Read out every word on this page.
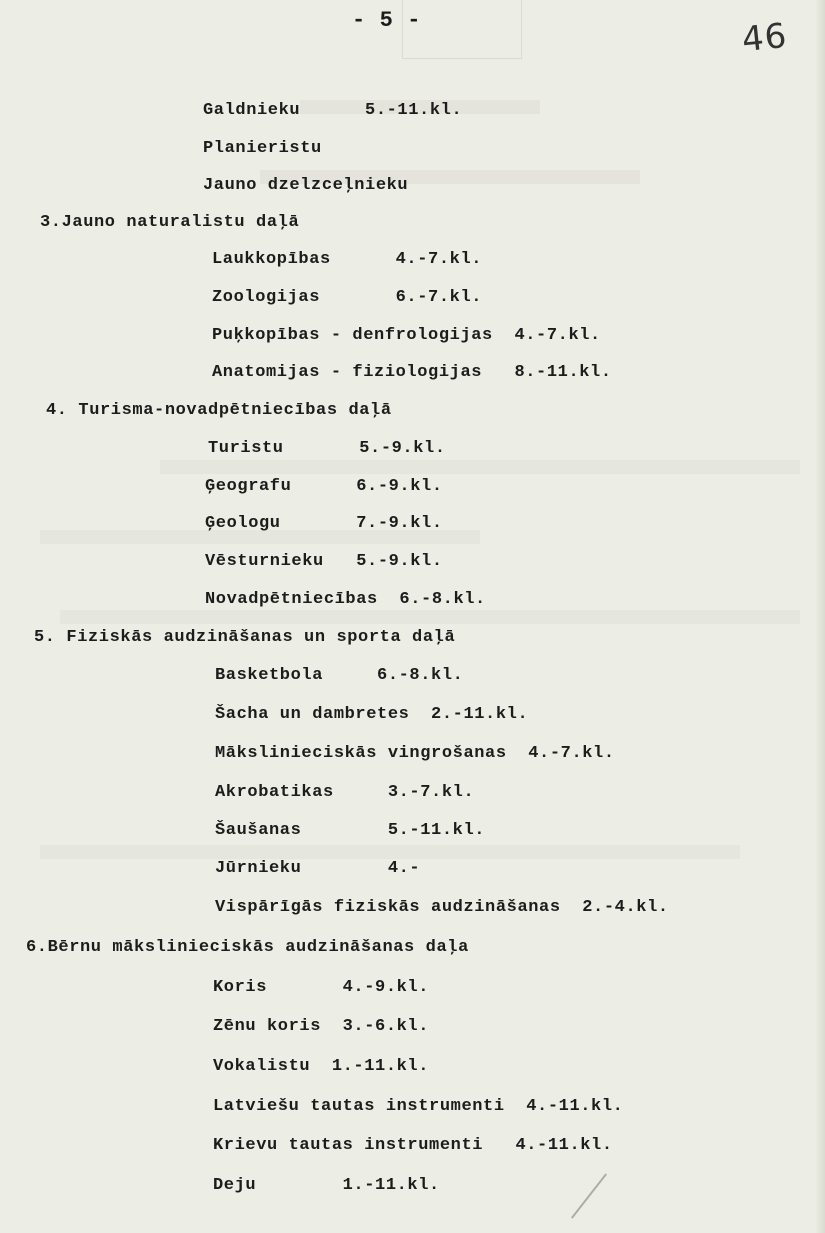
- 5 -	46
Galdnieku      5.-11.kl.
Planieristu
Jauno dzelzceļnieku
3.Jauno naturalistu daļā
Laukkopības      4.-7.kl.
Zoologijas       6.-7.kl.
Puķkopības - denfrologijas  4.-7.kl.
Anatomijas - fiziologijas   8.-11.kl.
4. Turisma-novadpētniecības daļā
Turistu       5.-9.kl.
Ģeografu      6.-9.kl.
Ģeologu       7.-9.kl.
Vēsturnieku   5.-9.kl.
Novadpētniecības  6.-8.kl.
5. Fiziskās audzināšanas un sporta daļā
Basketbola     6.-8.kl.
Šacha un dambretes  2.-11.kl.
Mākslinieciskās vingrošanas  4.-7.kl.
Akrobatikas     3.-7.kl.
Šaušanas        5.-11.kl.
Jūrnieku        4.-
Vispārīgās fiziskās audzināšanas  2.-4.kl.
6.Bērnu mākslinieciskās audzināšanas daļa
Koris       4.-9.kl.
Zēnu koris  3.-6.kl.
Vokalistu  1.-11.kl.
Latviešu tautas instrumenti  4.-11.kl.
Krievu tautas instrumenti   4.-11.kl.
Deju        1.-11.kl.
